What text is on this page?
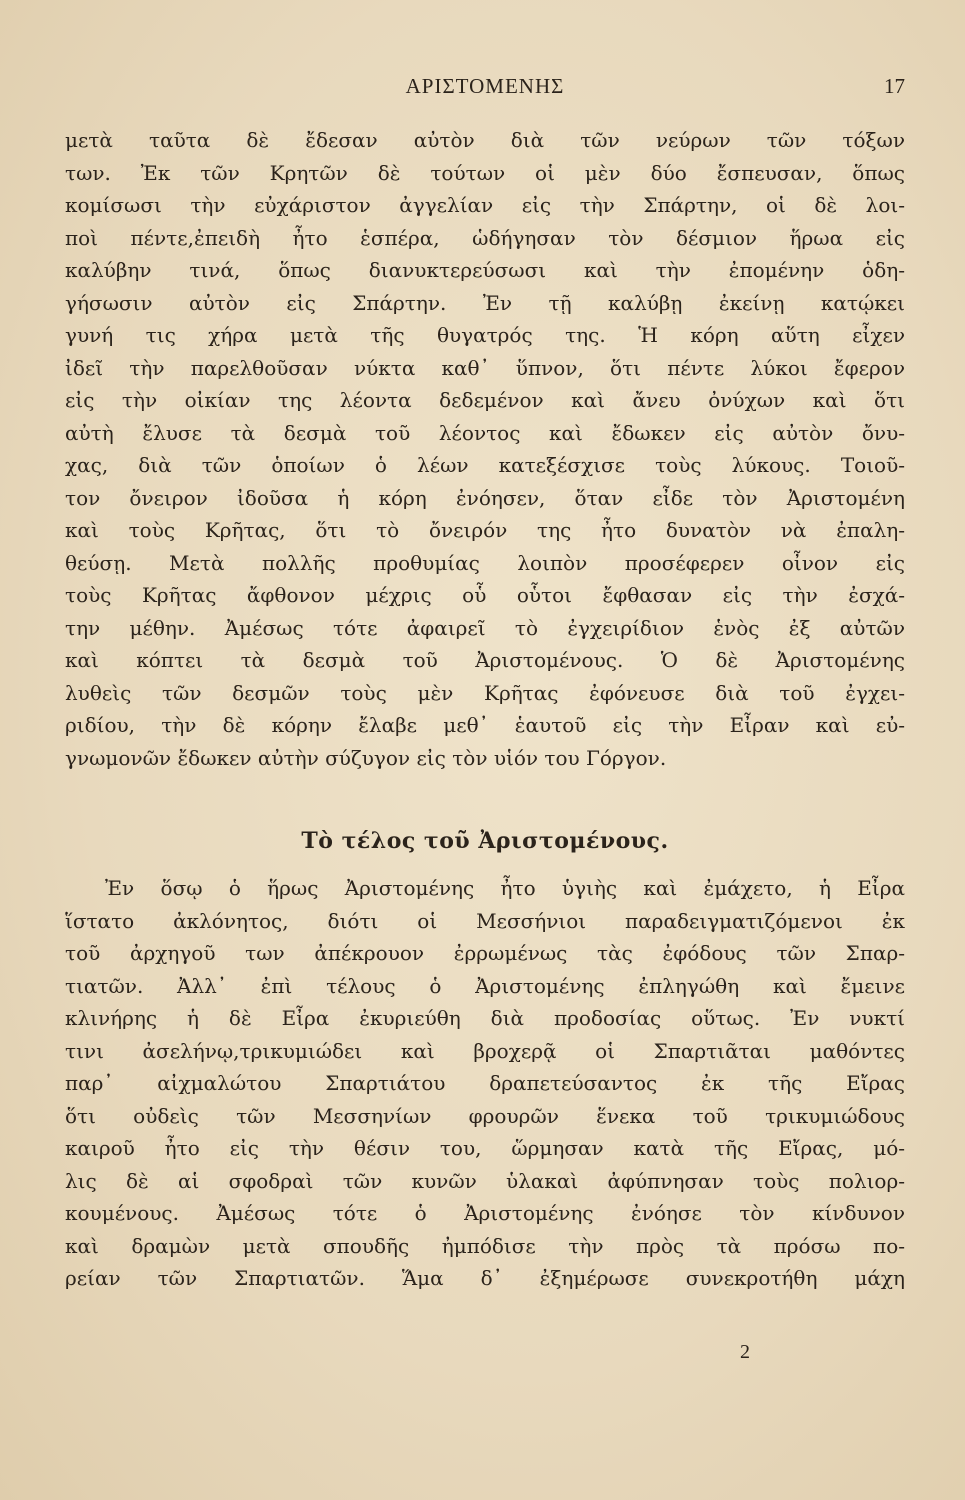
ΑΡΙΣΤΟΜΕΝΗΣ	17
μετὰ ταῦτα δὲ ἔδεσαν αὐτὸν διὰ τῶν νεύρων τῶν τόξων
των. Ἐκ τῶν Κρητῶν δὲ τούτων οἱ μὲν δύο ἔσπευσαν, ὅπως
κομίσωσι τὴν εὐχάριστον ἀγγελίαν εἰς τὴν Σπάρτην, οἱ δὲ λοι-
ποὶ πέντε,ἐπειδὴ ἦτο ἑσπέρα, ὡδήγησαν τὸν δέσμιον ἥρωα εἰς
καλύβην τινά, ὅπως διανυκτερεύσωσι καὶ τὴν ἐπομένην ὁδη-
γήσωσιν αὐτὸν εἰς Σπάρτην. Ἐν τῇ καλύβῃ ἐκείνῃ κατῴκει
γυνή τις χήρα μετὰ τῆς θυγατρός της. Ἡ κόρη αὕτη εἶχεν
ἰδεῖ τὴν παρελθοῦσαν νύκτα καθ᾽ ὕπνον, ὅτι πέντε λύκοι ἔφερον
εἰς τὴν οἰκίαν της λέοντα δεδεμένον καὶ ἄνευ ὀνύχων καὶ ὅτι
αὐτὴ ἔλυσε τὰ δεσμὰ τοῦ λέοντος καὶ ἔδωκεν εἰς αὐτὸν ὄνυ-
χας, διὰ τῶν ὁποίων ὁ λέων κατεξέσχισε τοὺς λύκους. Τοιοῦ-
τον ὄνειρον ἰδοῦσα ἡ κόρη ἐνόησεν, ὅταν εἶδε τὸν Ἀριστομένη
καὶ τοὺς Κρῆτας, ὅτι τὸ ὄνειρόν της ἦτο δυνατὸν νὰ ἐπαλη-
θεύσῃ. Μετὰ πολλῆς προθυμίας λοιπὸν προσέφερεν οἶνον εἰς
τοὺς Κρῆτας ἄφθονον μέχρις οὗ οὗτοι ἔφθασαν εἰς τὴν ἐσχά-
την μέθην. Ἀμέσως τότε ἀφαιρεῖ τὸ ἐγχειρίδιον ἑνὸς ἐξ αὐτῶν
καὶ κόπτει τὰ δεσμὰ τοῦ Ἀριστομένους. Ὁ δὲ Ἀριστομένης
λυθεὶς τῶν δεσμῶν τοὺς μὲν Κρῆτας ἐφόνευσε διὰ τοῦ ἐγχει-
ριδίου, τὴν δὲ κόρην ἔλαβε μεθ᾽ ἑαυτοῦ εἰς τὴν Εἶραν καὶ εὐ-
γνωμονῶν ἔδωκεν αὐτὴν σύζυγον εἰς τὸν υἱόν του Γόργον.
Τὸ τέλος τοῦ Ἀριστομένους.
Ἐν ὅσῳ ὁ ἥρως Ἀριστομένης ἦτο ὑγιὴς καὶ ἐμάχετο, ἡ Εἶρα
ἵστατο ἀκλόνητος, διότι οἱ Μεσσήνιοι παραδειγματιζόμενοι ἐκ
τοῦ ἀρχηγοῦ των ἀπέκρουον ἐρρωμένως τὰς ἐφόδους τῶν Σπαρ-
τιατῶν. Ἀλλ᾽ ἐπὶ τέλους ὁ Ἀριστομένης ἐπληγώθη καὶ ἔμεινε
κλινήρης ἡ δὲ Εἶρα ἐκυριεύθη διὰ προδοσίας οὕτως. Ἐν νυκτί
τινι ἀσελήνῳ,τρικυμιώδει καὶ βροχερᾷ οἱ Σπαρτιᾶται μαθόντες
παρ᾽ αἰχμαλώτου Σπαρτιάτου δραπετεύσαντος ἐκ τῆς Εἴρας
ὅτι οὐδεὶς τῶν Μεσσηνίων φρουρῶν ἕνεκα τοῦ τρικυμιώδους
καιροῦ ἦτο εἰς τὴν θέσιν του, ὥρμησαν κατὰ τῆς Εἴρας, μό-
λις δὲ αἱ σφοδραὶ τῶν κυνῶν ὑλακαὶ ἀφύπνησαν τοὺς πολιορ-
κουμένους. Ἀμέσως τότε ὁ Ἀριστομένης ἐνόησε τὸν κίνδυνον
καὶ δραμὼν μετὰ σπουδῆς ἠμπόδισε τὴν πρὸς τὰ πρόσω πο-
ρείαν τῶν Σπαρτιατῶν. Ἅμα δ᾽ ἐξημέρωσε συνεκροτήθη μάχη
2
